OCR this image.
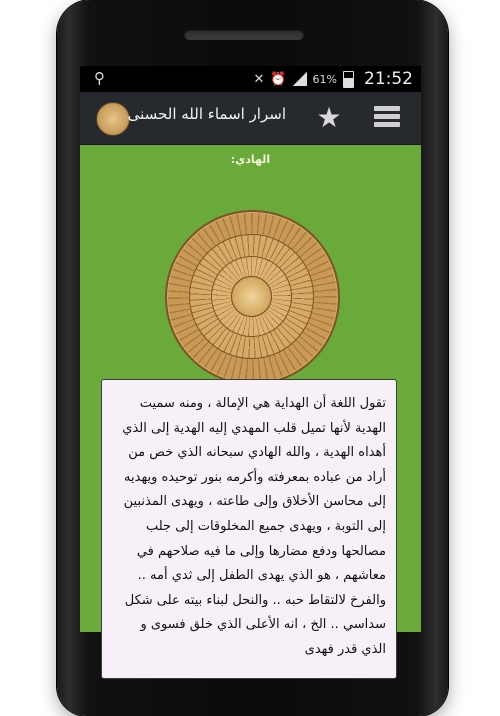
⚲	✕ ⏰ 61% 21:52
اسرار اسماء الله الحسنى ★
الهادي:

تقول اللغة أن الهداية هي الإمالة ، ومنه سميت الهدية لأنها تميل قلب المهدي إليه الهدية إلى الذي أهداه الهدية ، والله الهادي سبحانه الذي خص من أراد من عباده بمعرفته وأكرمه بنور توحيده ويهديه إلى محاسن الأخلاق وإلى طاعته ، ويهدى المذنبين إلى التوبة ، ويهدى جميع المخلوقات إلى جلب مصالحها ودفع مضارها وإلى ما فيه صلاحهم في معاشهم ، هو الذي يهدى الطفل إلى ثدي أمه .. والفرخ لالتقاط حبه .. والنحل لبناء بيته على شكل سداسي .. الخ ، انه الأعلى الذي خلق فسوى و الذي قدر فهدى
